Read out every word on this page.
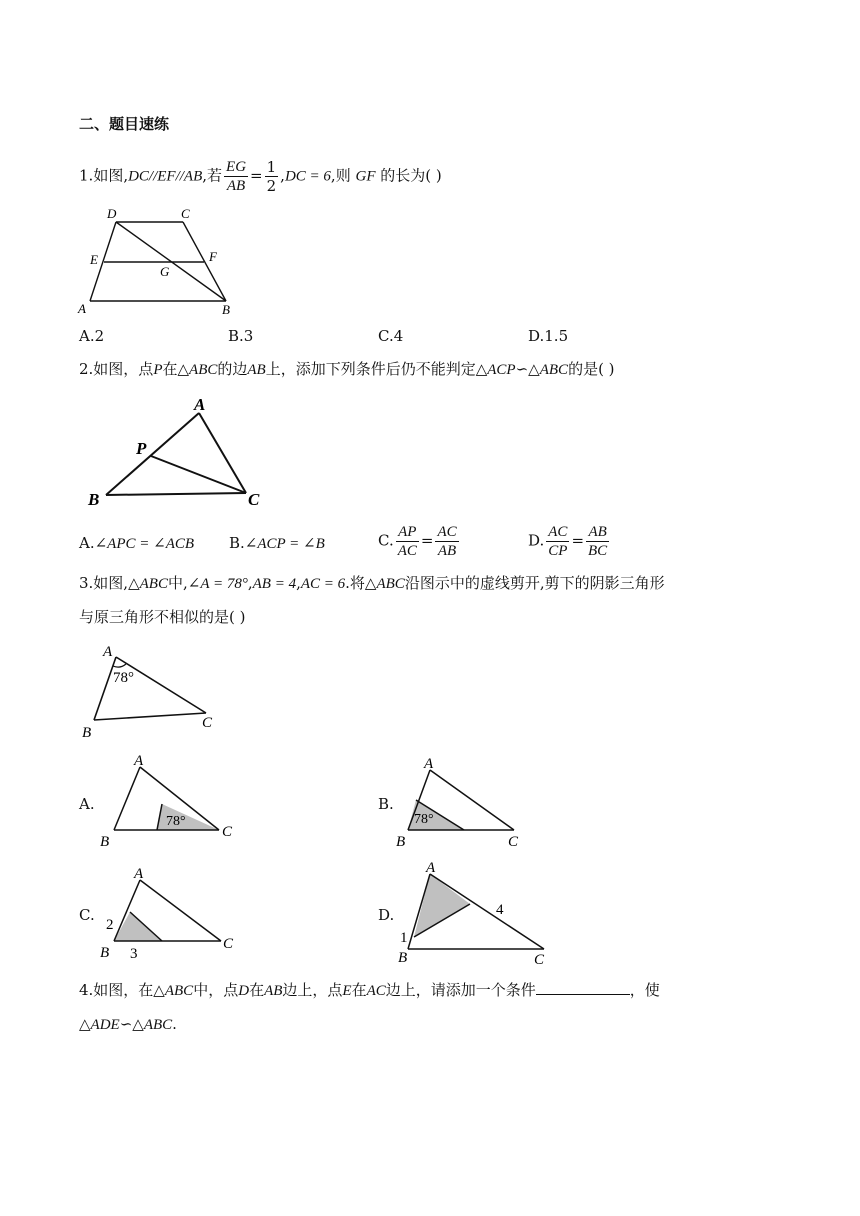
二、题目速练
1.如图,DC//EF//AB,若 $\frac{EG}{AB} = \frac{1}{2} ,DC = 6$,则 GF 的长为( )
D	C
E	F
G
A	B
A.2	B.3	C.4	D.1.5
2.如图，点P在△ABC的边AB上，添加下列条件后仍不能判定△ACP∽△ABC的是( )
A
P
B	C
A.∠APC = ∠ACB B.∠ACP = ∠B	C. $\frac{AP}{AC} = \frac{AC}{AB}$	D. $\frac{AC}{CP} = \frac{AB}{BC}$
3.如图,△ABC中,∠A = 78°,AB = 4,AC = 6.将△ABC沿图示中的虚线剪开,剪下的阴影三角形
与原三角形不相似的是( )
A
78°
B
C
A.
A
78°
B
C
B.
A
78°
B	C
C.
A
2
B 3
C
D.
A
4
1
B	C
4.如图，在△ABC中，点D在AB边上，点E在AC边上，请添加一个条件	，使
△ADE∽△ABC.
